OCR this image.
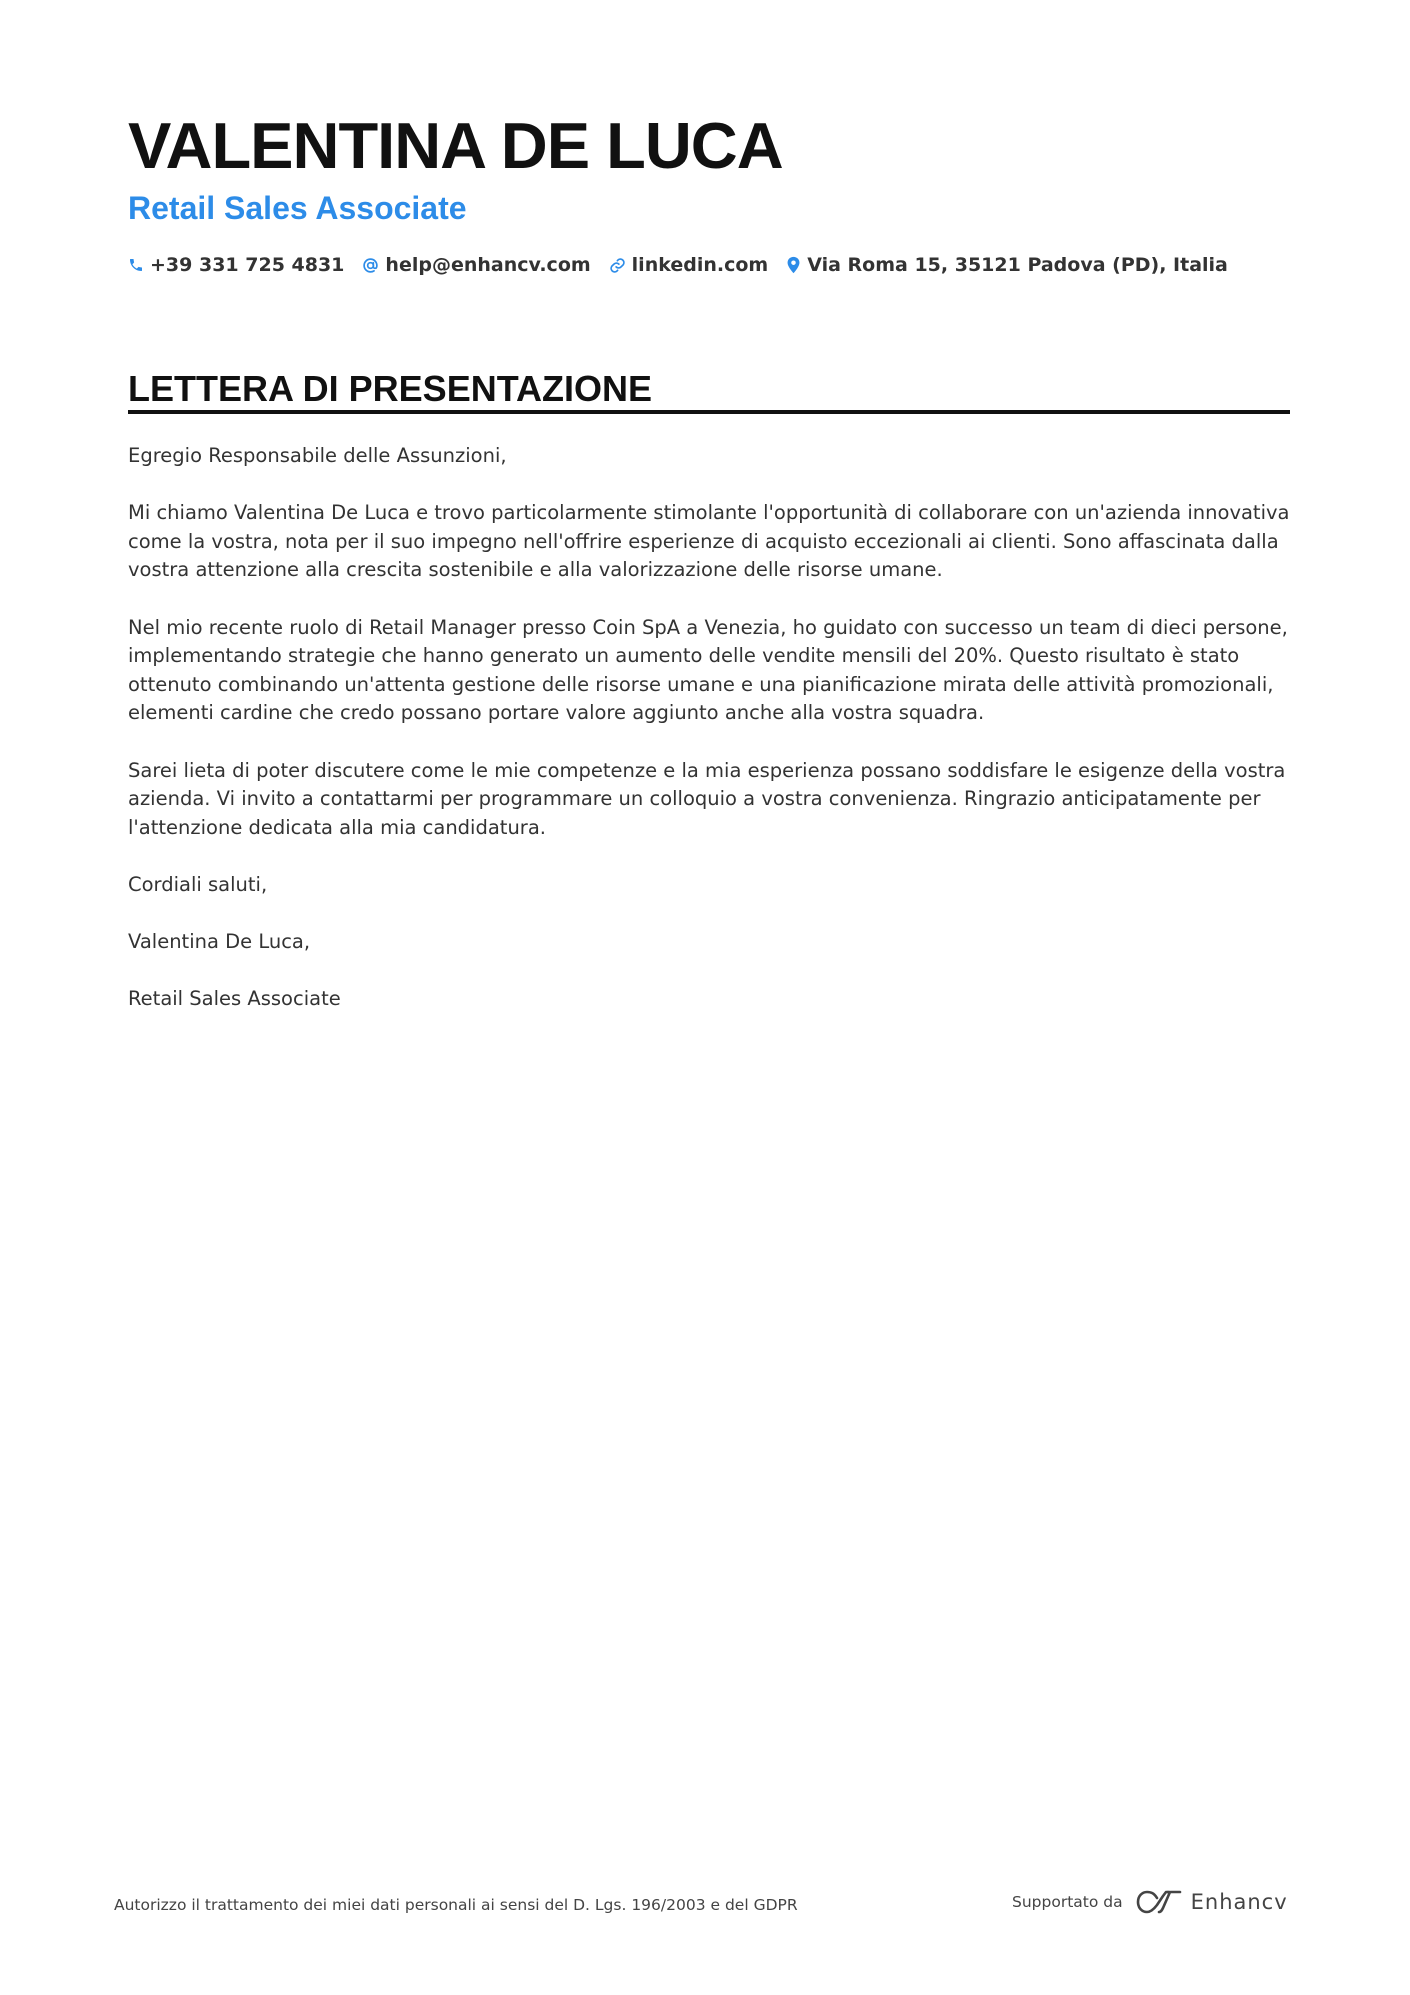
VALENTINA DE LUCA
Retail Sales Associate
+39 331 725 4831 help@enhancv.com linkedin.com Via Roma 15, 35121 Padova (PD), Italia
LETTERA DI PRESENTAZIONE

Egregio Responsabile delle Assunzioni,

Mi chiamo Valentina De Luca e trovo particolarmente stimolante l'opportunità di collaborare con un'azienda innovativa come la vostra, nota per il suo impegno nell'offrire esperienze di acquisto eccezionali ai clienti. Sono affascinata dalla vostra attenzione alla crescita sostenibile e alla valorizzazione delle risorse umane.

Nel mio recente ruolo di Retail Manager presso Coin SpA a Venezia, ho guidato con successo un team di dieci persone, implementando strategie che hanno generato un aumento delle vendite mensili del 20%. Questo risultato è stato ottenuto combinando un'attenta gestione delle risorse umane e una pianificazione mirata delle attività promozionali, elementi cardine che credo possano portare valore aggiunto anche alla vostra squadra.

Sarei lieta di poter discutere come le mie competenze e la mia esperienza possano soddisfare le esigenze della vostra azienda. Vi invito a contattarmi per programmare un colloquio a vostra convenienza. Ringrazio anticipatamente per l'attenzione dedicata alla mia candidatura.

Cordiali saluti,

Valentina De Luca,

Retail Sales Associate

Autorizzo il trattamento dei miei dati personali ai sensi del D. Lgs. 196/2003 e del GDPR	Supportato da	Enhancv
